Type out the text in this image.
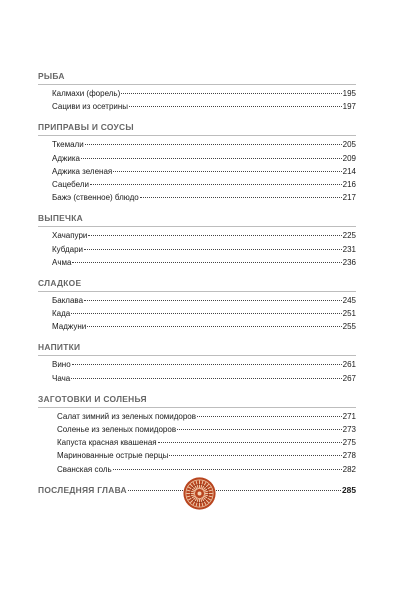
РЫБА
Калмахи (форель)	195
Сациви из осетрины	197
ПРИПРАВЫ И СОУСЫ
Ткемали	205
Аджика	209
Аджика зеленая	214
Сацебели	216
Бажэ (ственное) блюдо	217
ВЫПЕЧКА
Хачапури	225
Кубдари	231
Ачма	236
СЛАДКОЕ
Баклава	245
Када	251
Маджуни	255
НАПИТКИ
Вино	261
Чача	267
ЗАГОТОВКИ И СОЛЕНЬЯ
Салат зимний из зеленых помидоров	271
Соленье из зеленых помидоров	273
Капуста красная квашеная	275
Маринованные острые перцы	278
Сванская соль	282
ПОСЛЕДНЯЯ ГЛАВА	285
